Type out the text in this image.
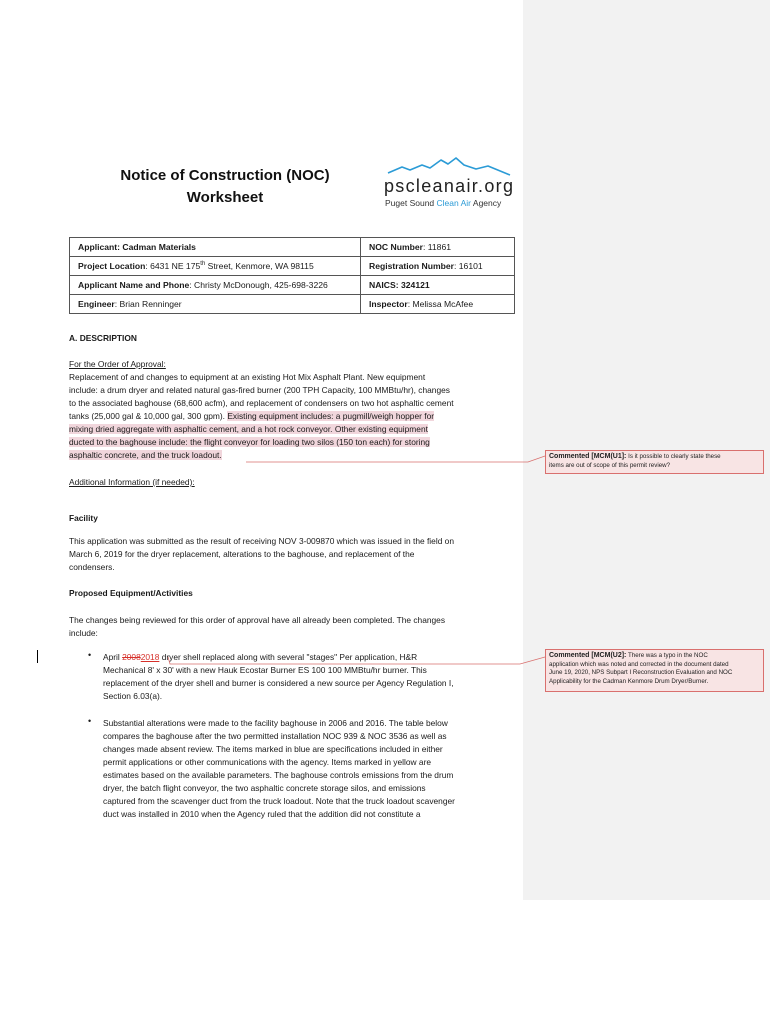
Notice of Construction (NOC)
Worksheet
pscleanair.org
Puget Sound Clean Air Agency
Applicant: Cadman Materials	NOC Number: 11861
Project Location: 6431 NE 175th Street, Kenmore, WA 98115	Registration Number: 16101
Applicant Name and Phone: Christy McDonough, 425-698-3226	NAICS: 324121
Engineer: Brian Renninger	Inspector: Melissa McAfee
A. DESCRIPTION
For the Order of Approval:
Replacement of and changes to equipment at an existing Hot Mix Asphalt Plant. New equipment
include: a drum dryer and related natural gas-fired burner (200 TPH Capacity, 100 MMBtu/hr), changes
to the associated baghouse (68,600 acfm), and replacement of condensers on two hot asphaltic cement
tanks (25,000 gal & 10,000 gal, 300 gpm). Existing equipment includes: a pugmill/weigh hopper for
mixing dried aggregate with asphaltic cement, and a hot rock conveyor. Other existing equipment
ducted to the baghouse include: the flight conveyor for loading two silos (150 ton each) for storing
asphaltic concrete, and the truck loadout.
Additional Information (if needed):
Facility
This application was submitted as the result of receiving NOV 3-009870 which was issued in the field on
March 6, 2019 for the dryer replacement, alterations to the baghouse, and replacement of the
condensers.
Proposed Equipment/Activities
The changes being reviewed for this order of approval have all already been completed. The changes
include:
• April 20082018 dryer shell replaced along with several "stages" Per application, H&R
Mechanical 8' x 30' with a new Hauk Ecostar Burner ES 100 100 MMBtu/hr burner. This
replacement of the dryer shell and burner is considered a new source per Agency Regulation I,
Section 6.03(a).
• Substantial alterations were made to the facility baghouse in 2006 and 2016. The table below
compares the baghouse after the two permitted installation NOC 939 & NOC 3536 as well as
changes made absent review. The items marked in blue are specifications included in either
permit applications or other communications with the agency. Items marked in yellow are
estimates based on the available parameters. The baghouse controls emissions from the drum
dryer, the batch flight conveyor, the two asphaltic concrete storage silos, and emissions
captured from the scavenger duct from the truck loadout. Note that the truck loadout scavenger
duct was installed in 2010 when the Agency ruled that the addition did not constitute a
Commented [MCM(U1]: Is it possible to clearly state these
items are out of scope of this permit review?
Commented [MCM(U2]: There was a typo in the NOC
application which was noted and corrected in the document dated
June 19, 2020, NPS Subpart I Reconstruction Evaluation and NOC
Applicability for the Cadman Kenmore Drum Dryer/Burner.
